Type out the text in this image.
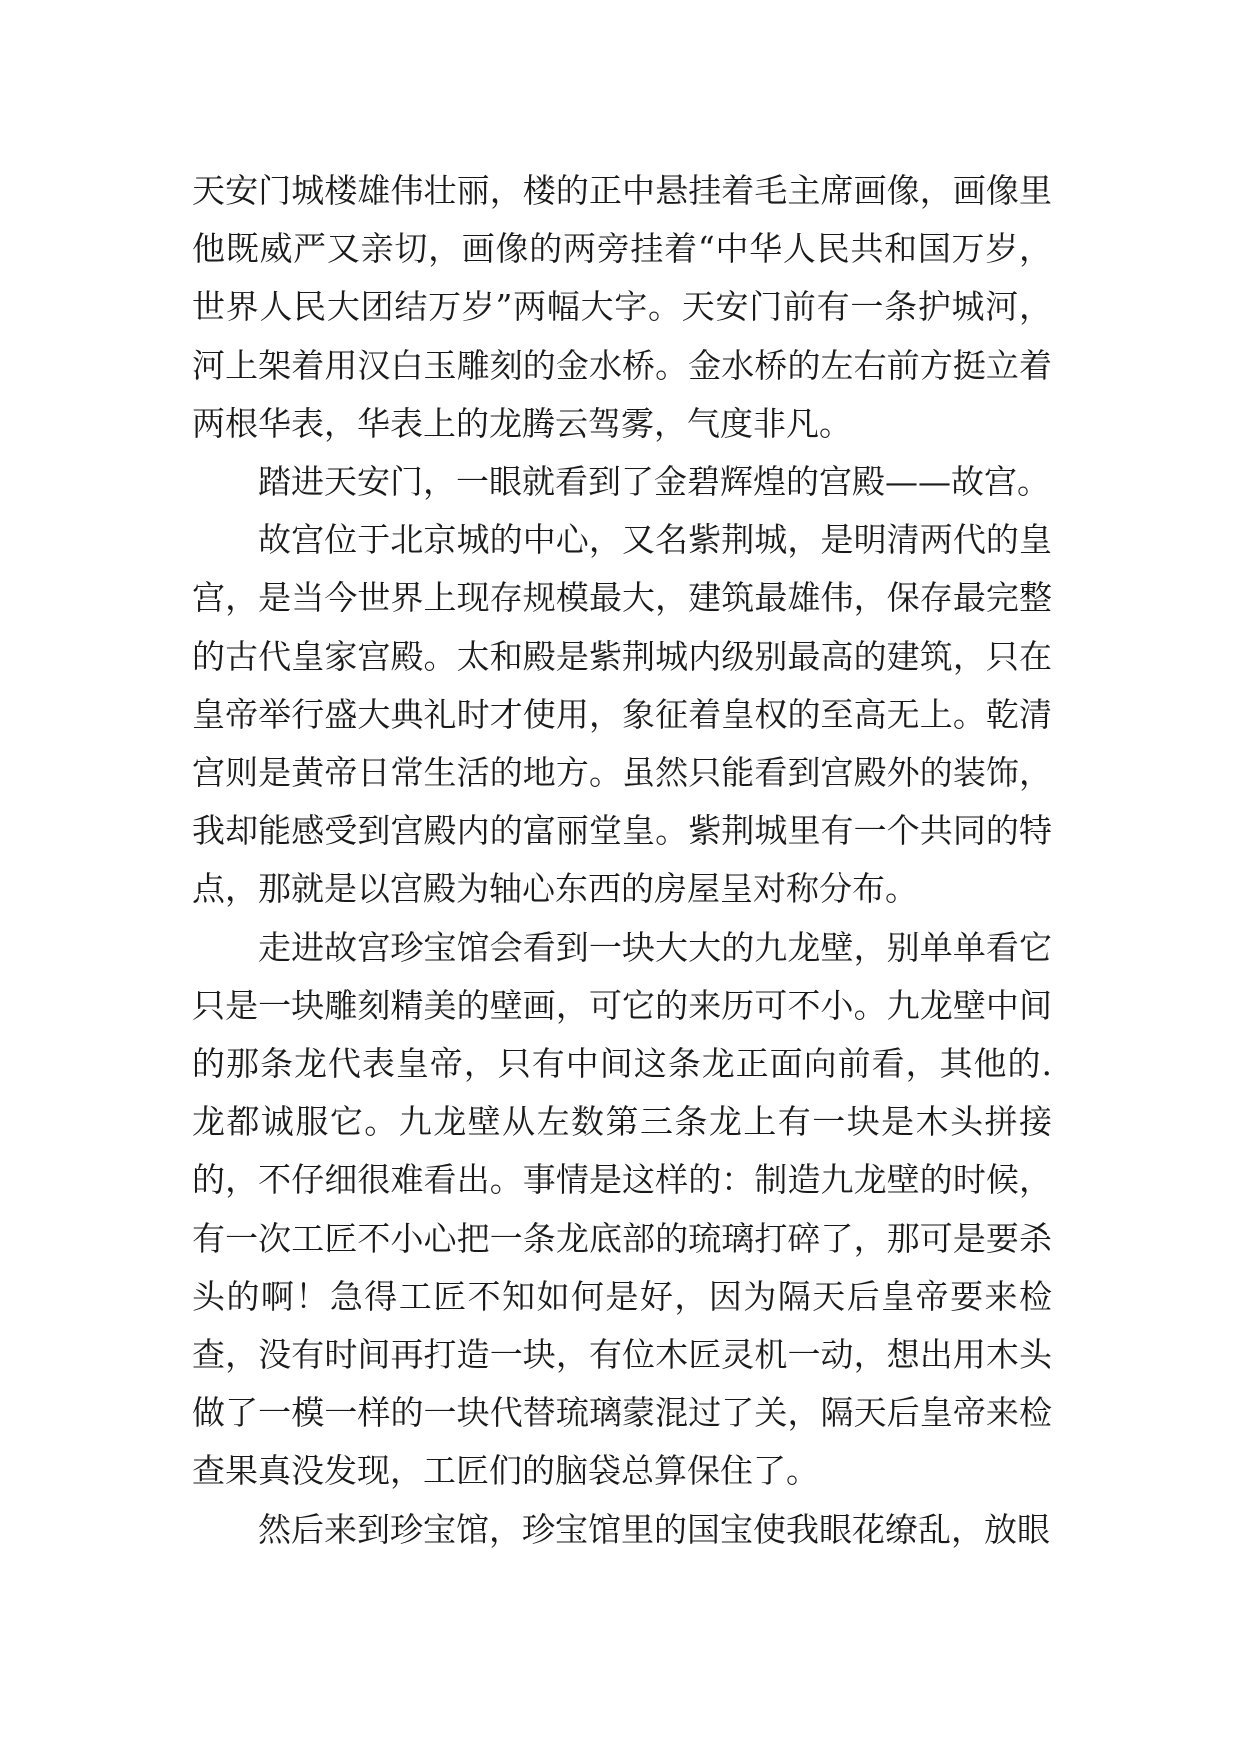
天安门城楼雄伟壮丽，楼的正中悬挂着毛主席画像，画像里他既威严又亲切，画像的两旁挂着“中华人民共和国万岁，世界人民大团结万岁”两幅大字。天安门前有一条护城河，河上架着用汉白玉雕刻的金水桥。金水桥的左右前方挺立着两根华表，华表上的龙腾云驾雾，气度非凡。

踏进天安门，一眼就看到了金碧辉煌的宫殿——故宫。

故宫位于北京城的中心，又名紫荆城，是明清两代的皇宫，是当今世界上现存规模最大，建筑最雄伟，保存最完整的古代皇家宫殿。太和殿是紫荆城内级别最高的建筑，只在皇帝举行盛大典礼时才使用，象征着皇权的至高无上。乾清宫则是黄帝日常生活的地方。虽然只能看到宫殿外的装饰，我却能感受到宫殿内的富丽堂皇。紫荆城里有一个共同的特点，那就是以宫殿为轴心东西的房屋呈对称分布。

走进故宫珍宝馆会看到一块大大的九龙壁，别单单看它只是一块雕刻精美的壁画，可它的来历可不小。九龙壁中间的那条龙代表皇帝，只有中间这条龙正面向前看，其他的.龙都诚服它。九龙壁从左数第三条龙上有一块是木头拼接的，不仔细很难看出。事情是这样的：制造九龙壁的时候，有一次工匠不小心把一条龙底部的琉璃打碎了，那可是要杀头的啊！急得工匠不知如何是好，因为隔天后皇帝要来检查，没有时间再打造一块，有位木匠灵机一动，想出用木头做了一模一样的一块代替琉璃蒙混过了关，隔天后皇帝来检查果真没发现，工匠们的脑袋总算保住了。

然后来到珍宝馆，珍宝馆里的国宝使我眼花缭乱，放眼
